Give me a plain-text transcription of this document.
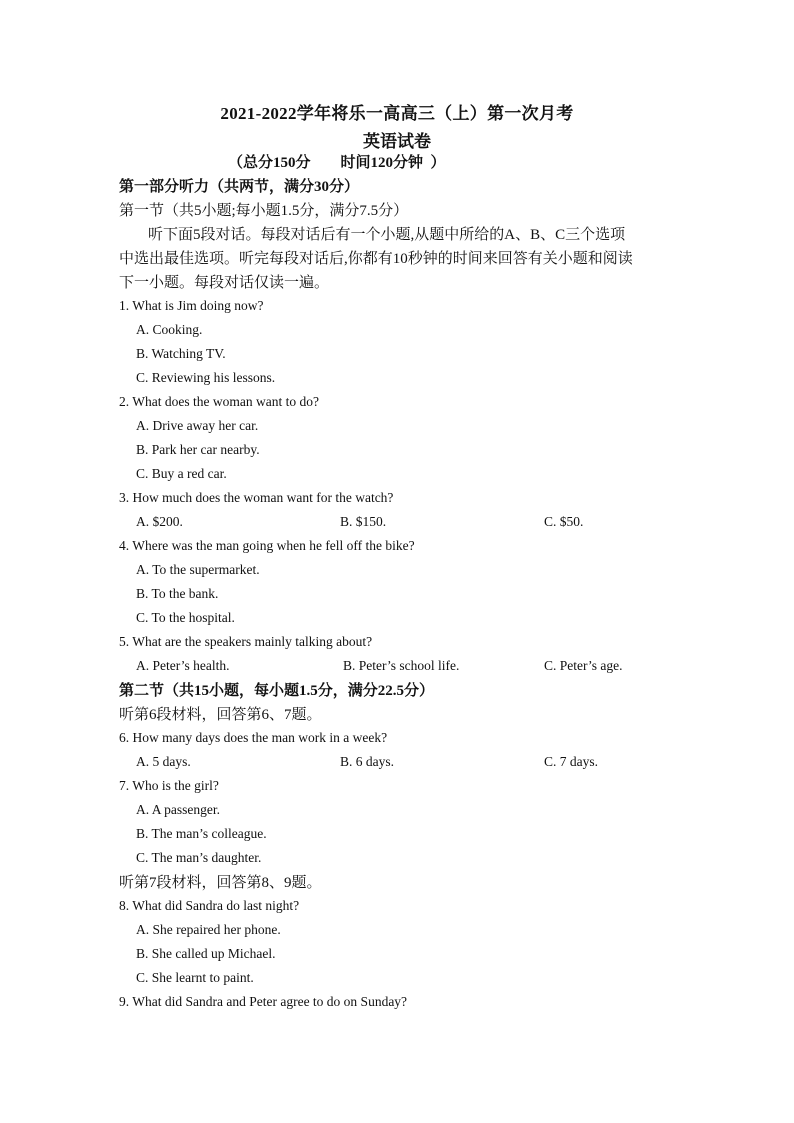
2021-2022学年将乐一高高三（上）第一次月考
英语试卷
（总分150分        时间120分钟  ）
第一部分听力（共两节，满分30分）
第一节（共5小题;每小题1.5分，满分7.5分）
听下面5段对话。每段对话后有一个小题,从题中所给的A、B、C三个选项
中选出最佳选项。听完每段对话后,你都有10秒钟的时间来回答有关小题和阅读
下一小题。每段对话仅读一遍。
1. What is Jim doing now?
A. Cooking.
B. Watching TV.
C. Reviewing his lessons.
2. What does the woman want to do?
A. Drive away her car.
B. Park her car nearby.
C. Buy a red car.
3. How much does the woman want for the watch?
A. $200.	B. $150.	C. $50.
4. Where was the man going when he fell off the bike?
A. To the supermarket.
B. To the bank.
C. To the hospital.
5. What are the speakers mainly talking about?
A. Peter’s health.	B. Peter’s school life.	C. Peter’s age.
第二节（共15小题，每小题1.5分，满分22.5分）
听第6段材料，回答第6、7题。
6. How many days does the man work in a week?
A. 5 days.	B. 6 days.	C. 7 days.
7. Who is the girl?
A. A passenger.
B. The man’s colleague.
C. The man’s daughter.
听第7段材料，回答第8、9题。
8. What did Sandra do last night?
A. She repaired her phone.
B. She called up Michael.
C. She learnt to paint.
9. What did Sandra and Peter agree to do on Sunday?
